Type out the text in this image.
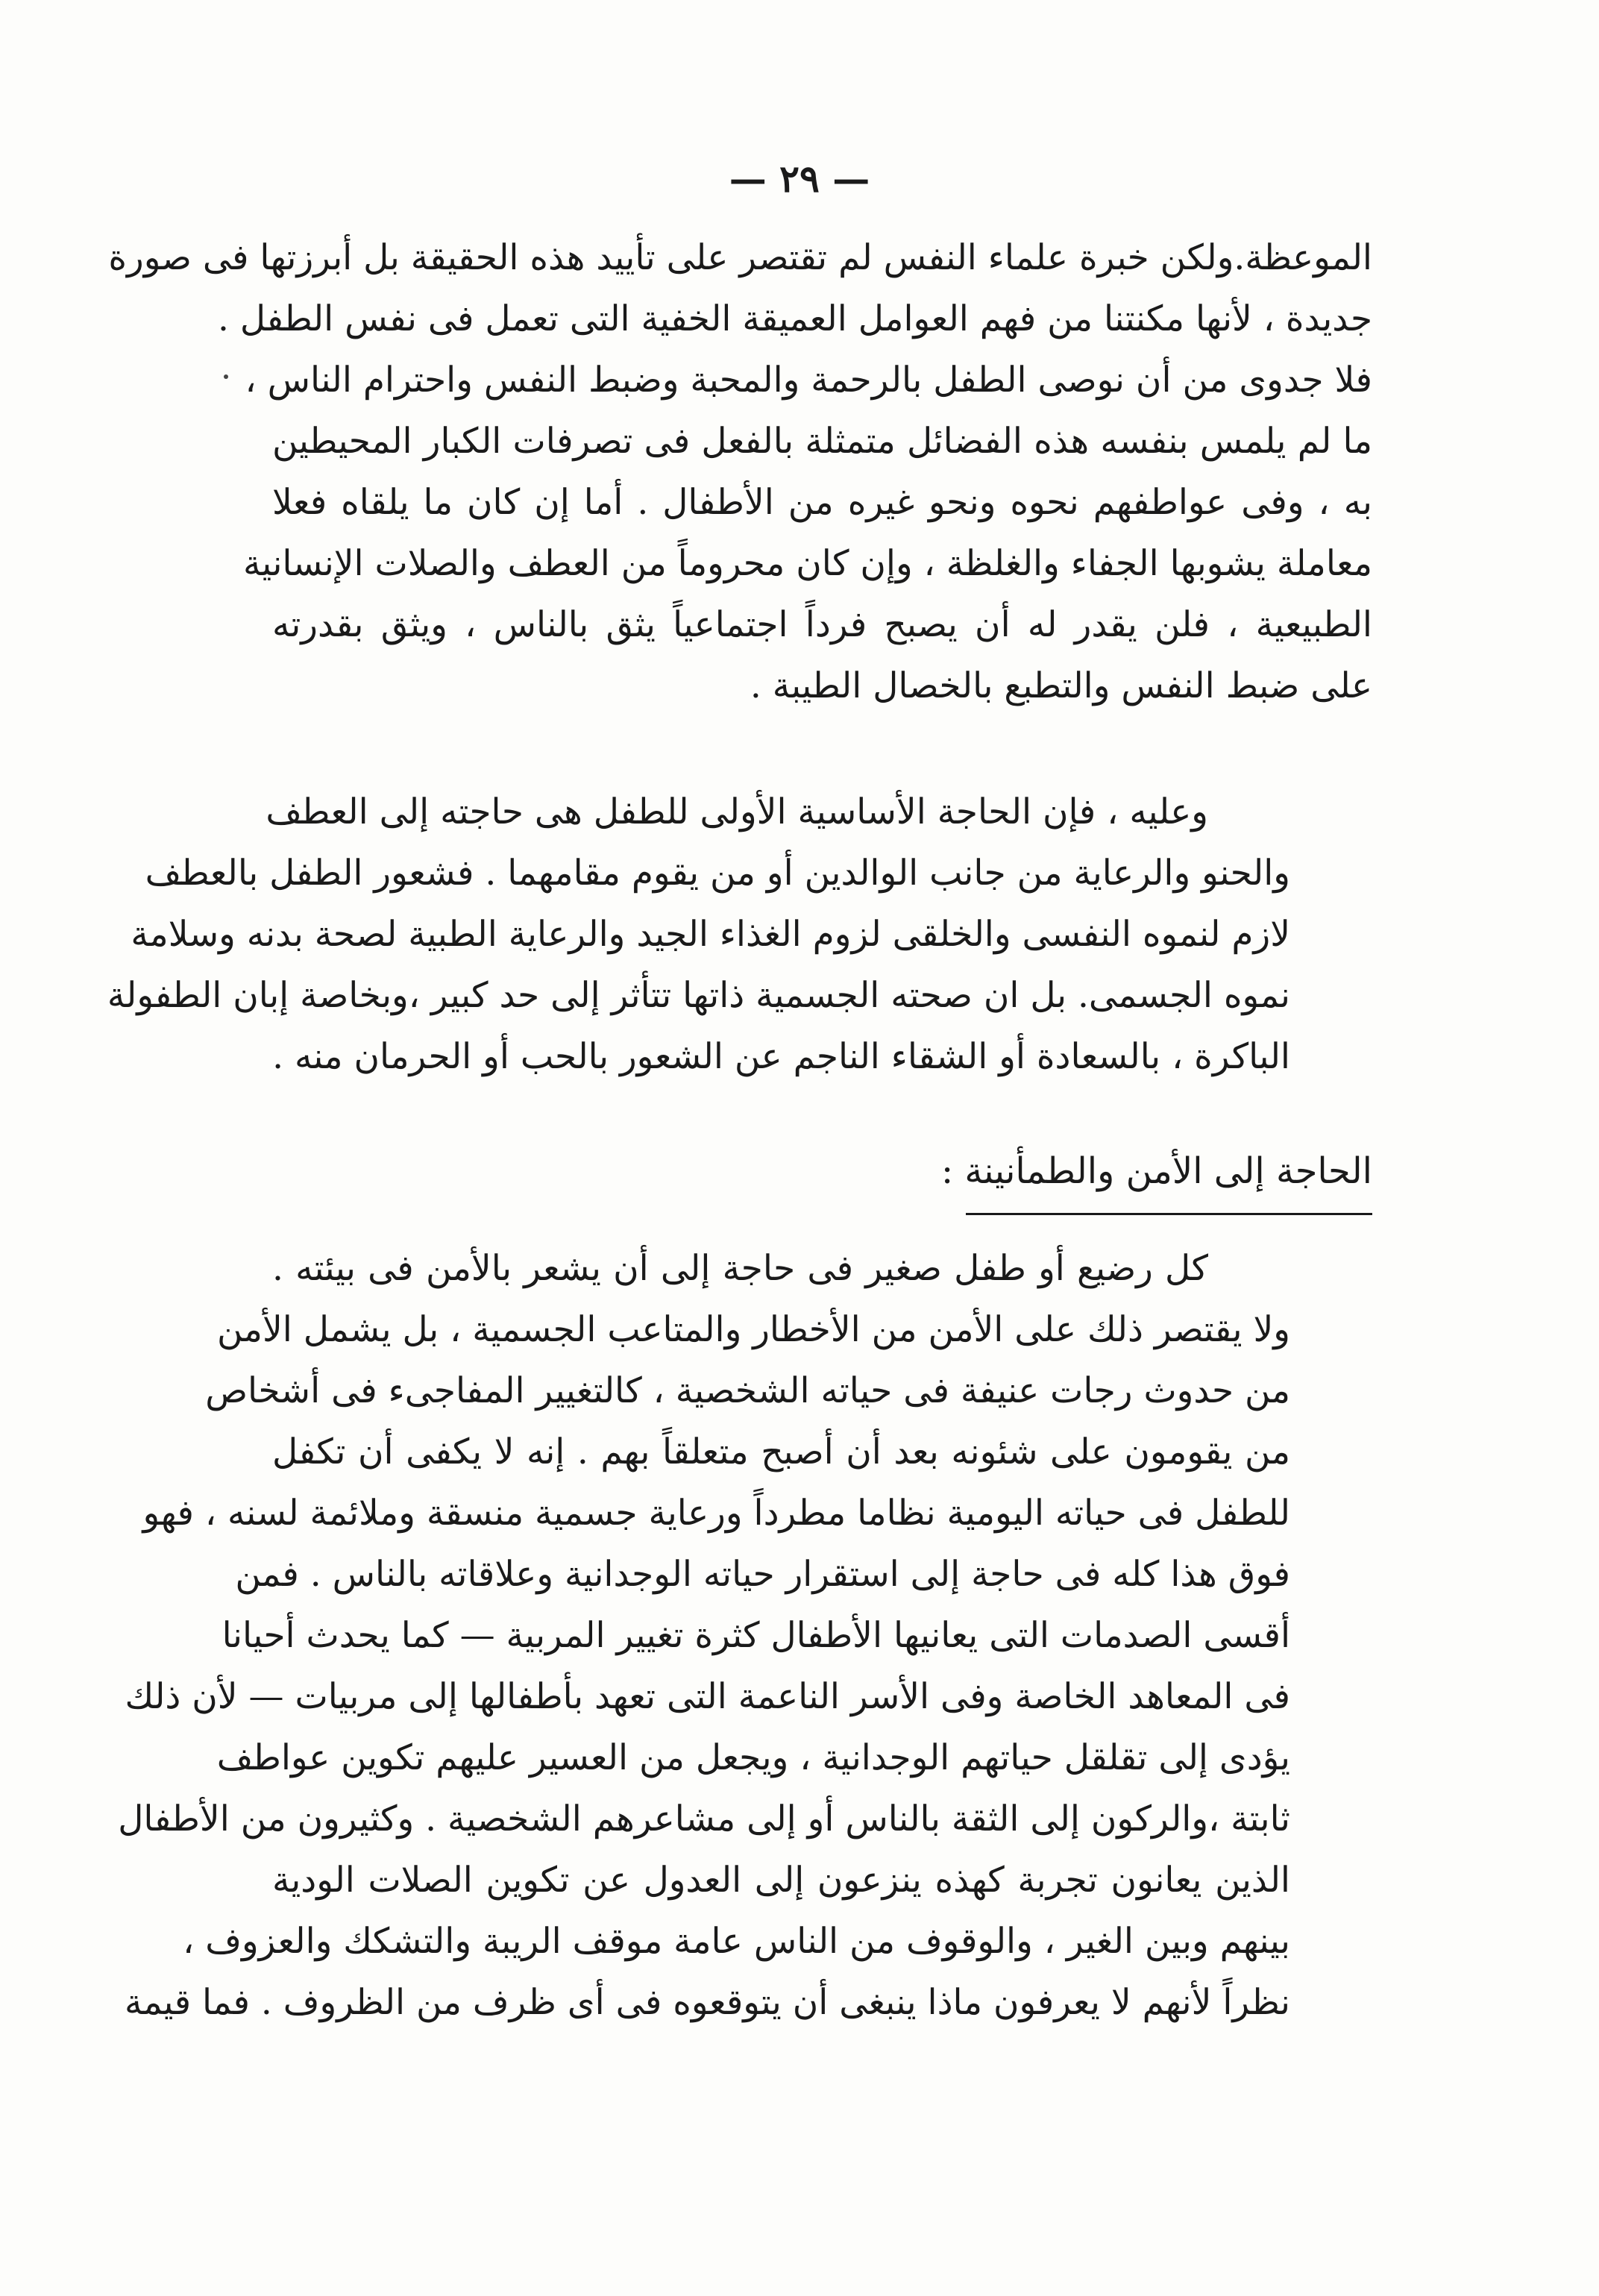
— ٢٩ —
الموعظة.ولكن خبرة علماء النفس لم تقتصر على تأييد هذه الحقيقة بل أبرزتها فى صورة
جديدة ، لأنها مكنتنا من فهم العوامل العميقة الخفية التى تعمل فى نفس الطفل .
فلا جدوى من أن نوصى الطفل بالرحمة والمحبة وضبط النفس واحترام الناس ،
ما لم يلمس بنفسه هذه الفضائل متمثلة بالفعل فى تصرفات الكبار المحيطين
به ، وفى عواطفهم نحوه ونحو غيره من الأطفال . أما إن كان ما يلقاه فعلا
معاملة يشوبها الجفاء والغلظة ، وإن كان محروماً من العطف والصلات الإنسانية
الطبيعية ، فلن يقدر له أن يصبح فرداً اجتماعياً يثق بالناس ، ويثق بقدرته
على ضبط النفس والتطبع بالخصال الطيبة .
وعليه ، فإن الحاجة الأساسية الأولى للطفل هى حاجته إلى العطف
والحنو والرعاية من جانب الوالدين أو من يقوم مقامهما . فشعور الطفل بالعطف
لازم لنموه النفسى والخلقى لزوم الغذاء الجيد والرعاية الطبية لصحة بدنه وسلامة
نموه الجسمى. بل ان صحته الجسمية ذاتها تتأثر إلى حد كبير ،وبخاصة إبان الطفولة
الباكرة ، بالسعادة أو الشقاء الناجم عن الشعور بالحب أو الحرمان منه .
الحاجة إلى الأمن والطمأنينة :
كل رضيع أو طفل صغير فى حاجة إلى أن يشعر بالأمن فى بيئته .
ولا يقتصر ذلك على الأمن من الأخطار والمتاعب الجسمية ، بل يشمل الأمن
من حدوث رجات عنيفة فى حياته الشخصية ، كالتغيير المفاجىء فى أشخاص
من يقومون على شئونه بعد أن أصبح متعلقاً بهم . إنه لا يكفى أن تكفل
للطفل فى حياته اليومية نظاما مطرداً ورعاية جسمية منسقة وملائمة لسنه ، فهو
فوق هذا كله فى حاجة إلى استقرار حياته الوجدانية وعلاقاته بالناس . فمن
أقسى الصدمات التى يعانيها الأطفال كثرة تغيير المربية — كما يحدث أحيانا
فى المعاهد الخاصة وفى الأسر الناعمة التى تعهد بأطفالها إلى مربيات — لأن ذلك
يؤدى إلى تقلقل حياتهم الوجدانية ، ويجعل من العسير عليهم تكوين عواطف
ثابتة ،والركون إلى الثقة بالناس أو إلى مشاعرهم الشخصية . وكثيرون من الأطفال
الذين يعانون تجربة كهذه ينزعون إلى العدول عن تكوين الصلات الودية
بينهم وبين الغير ، والوقوف من الناس عامة موقف الريبة والتشكك والعزوف ،
نظراً لأنهم لا يعرفون ماذا ينبغى أن يتوقعوه فى أى ظرف من الظروف . فما قيمة
